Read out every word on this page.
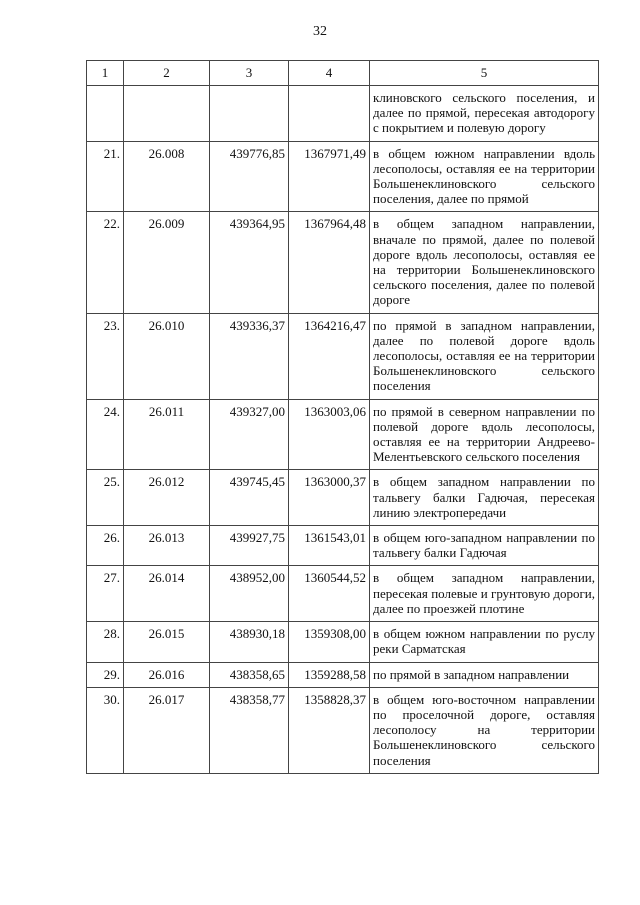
32
1	2	3	4	5
				клиновского сельского поселения, и далее по прямой, пересекая автодорогу с покрытием и полевую дорогу
21.	26.008	439776,85	1367971,49	в общем южном направлении вдоль лесополосы, оставляя ее на территории Большенеклиновского сельского поселения, далее по прямой
22.	26.009	439364,95	1367964,48	в общем западном направлении, вначале по прямой, далее по полевой дороге вдоль лесополосы, оставляя ее на территории Большенеклиновского сельского поселения, далее по полевой дороге
23.	26.010	439336,37	1364216,47	по прямой в западном направлении, далее по полевой дороге вдоль лесополосы, оставляя ее на территории Большенеклиновского сельского поселения
24.	26.011	439327,00	1363003,06	по прямой в северном направлении по полевой дороге вдоль лесополосы, оставляя ее на территории Андреево-Мелентьевского сельского поселения
25.	26.012	439745,45	1363000,37	в общем западном направлении по тальвегу балки Гадючая, пересекая линию электропередачи
26.	26.013	439927,75	1361543,01	в общем юго-западном направлении по тальвегу балки Гадючая
27.	26.014	438952,00	1360544,52	в общем западном направлении, пересекая полевые и грунтовую дороги, далее по проезжей плотине
28.	26.015	438930,18	1359308,00	в общем южном направлении по руслу реки Сарматская
29.	26.016	438358,65	1359288,58	по прямой в западном направлении
30.	26.017	438358,77	1358828,37	в общем юго-восточном направлении по проселочной дороге, оставляя лесополосу на территории Большенеклиновского сельского поселения
